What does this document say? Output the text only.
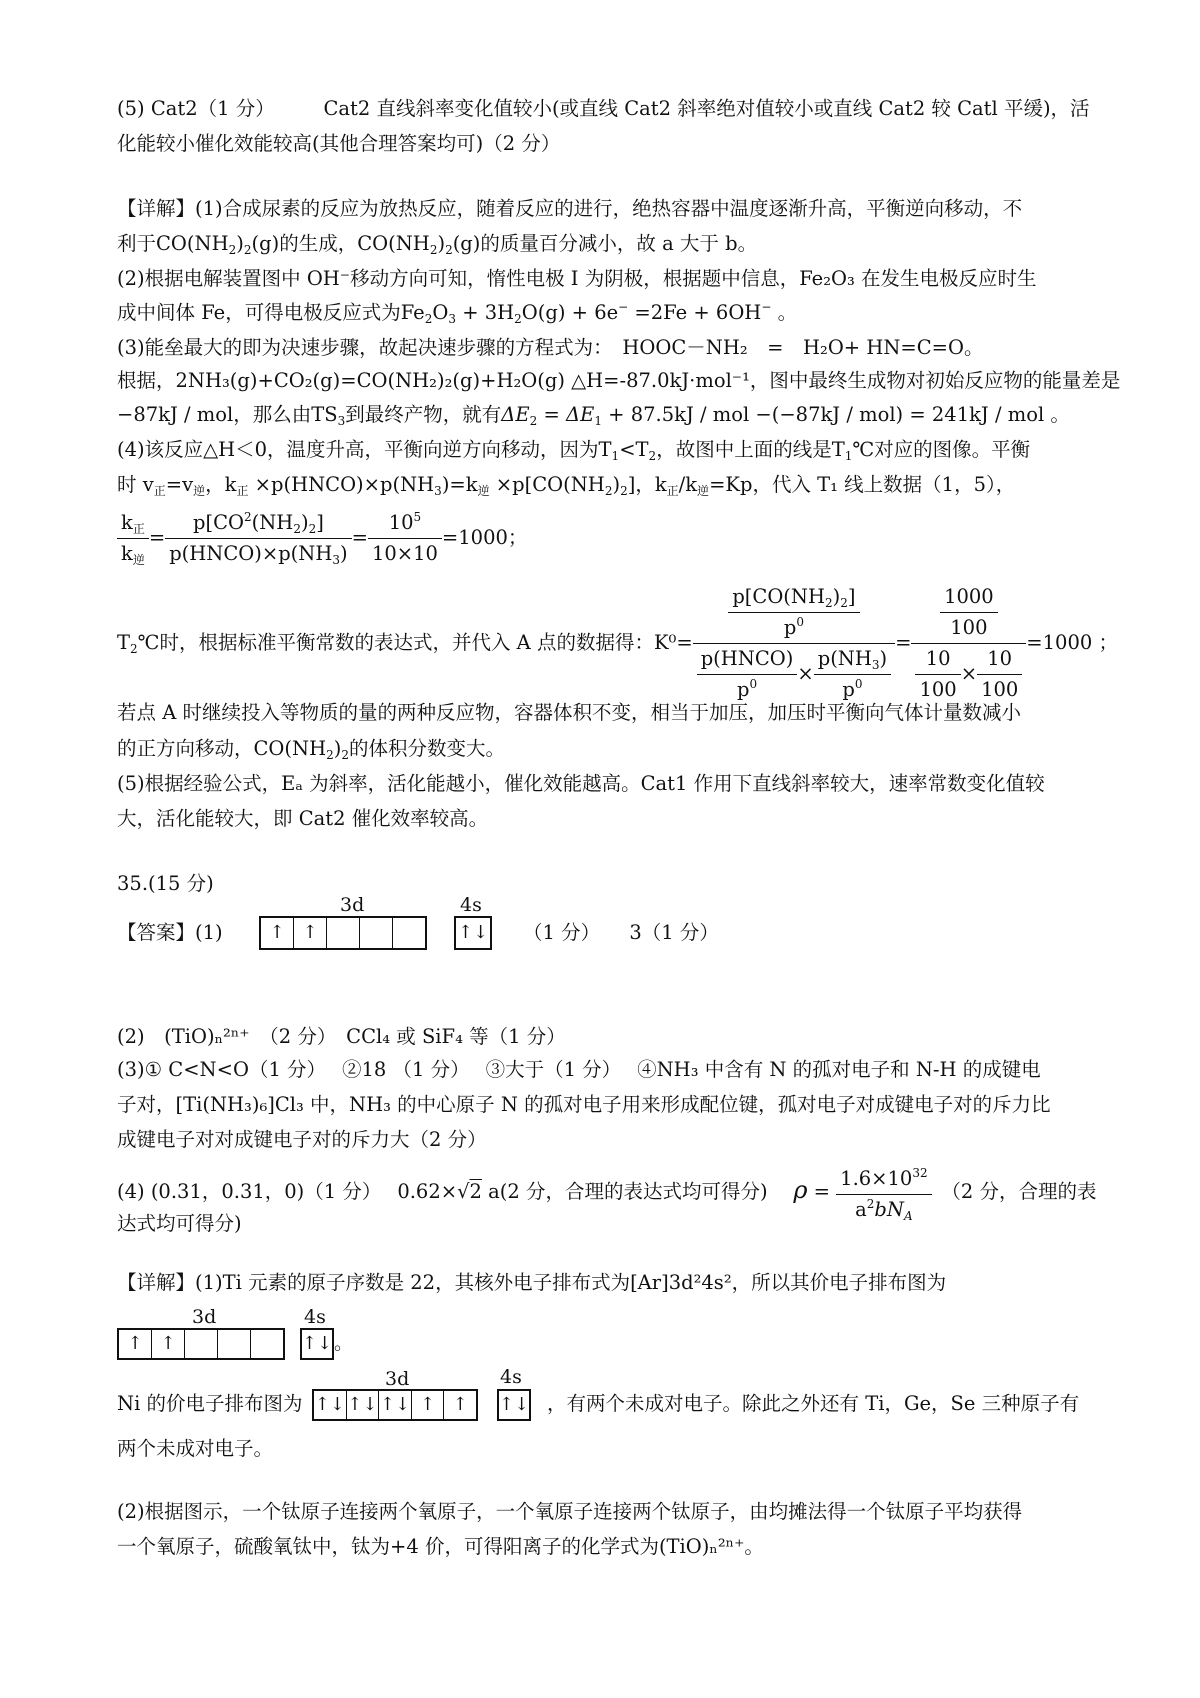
(5) Cat2（1 分）　　　Cat2 直线斜率变化值较小(或直线 Cat2 斜率绝对值较小或直线 Cat2 较 Catl 平缓)，活
化能较小催化效能较高(其他合理答案均可)（2 分）
【详解】(1)合成尿素的反应为放热反应，随着反应的进行，绝热容器中温度逐渐升高，平衡逆向移动，不
利于$CO(NH_2)_2(g)$的生成，$CO(NH_2)_2(g)$的质量百分减小，故 a 大于 b。
(2)根据电解装置图中 OH⁻移动方向可知，惰性电极 I 为阴极，根据题中信息，Fe₂O₃ 在发生电极反应时生
成中间体 Fe，可得电极反应式为$Fe_2O_3 + 3H_2O(g) + 6e^- =2Fe + 6OH^-$ 。
(3)能垒最大的即为决速步骤，故起决速步骤的方程式为：　HOOC－NH₂　=　H₂O+ HN=C=O。
根据，2NH₃(g)+CO₂(g)=CO(NH₂)₂(g)+H₂O(g) △H=-87.0kJ·mol⁻¹，图中最终生成物对初始反应物的能量差是
−87kJ / mol，那么由$TS_3$到最终产物，就有$\Delta E_2 = \Delta E_1 + 87.5kJ$ / mol −(−87kJ / mol) = 241kJ / mol 。
(4)该反应△H＜0，温度升高，平衡向逆方向移动，因为$T_1<T_2$，故图中上面的线是$T_1℃$对应的图像。平衡
时 $v_正=v_逆$，$k_正$ $\times p(HNCO)\times p(NH_3)=k_逆 \times p[CO(NH_2)_2]$，$k_正/k_逆=Kp$，代入 T₁ 线上数据（1，5），
$\frac{k_正}{k_逆} = \frac{p[CO^2(NH_2)_2]}{p(HNCO)\times p(NH_3)} = \frac{10^5}{10\times 10} =1000$；
$T_2℃$时，根据标准平衡常数的表达式，并代入 A 点的数据得：$K^0= \frac{\frac{p[CO(NH_2)_2]}{p^0}}{\frac{\text{p(HNCO)}}{p^0} \times \frac{p(NH_3)}{p^0}} = \frac{\frac{1000}{100}}{\frac{10}{100} \times \frac{10}{100}} =1000$ ；
若点 A 时继续投入等物质的量的两种反应物，容器体积不变，相当于加压，加压时平衡向气体计量数减小
的正方向移动，$CO(NH_2)_2$的体积分数变大。
(5)根据经验公式，Eₐ 为斜率，活化能越小，催化效能越高。Cat1 作用下直线斜率较大，速率常数变化值较
大，活化能较大，即 Cat2 催化效率较高。
35.(15 分)
【答案】(1)
3d
↑ ↑
4s
↑↓ （1 分）　　3（1 分）
(2)　(TiO)ₙ²ⁿ⁺　（2 分）　CCl₄ 或 SiF₄ 等（1 分）
(3)① C<N<O（1 分）　 ②18 （1 分）　 ③大于（1 分）　 ④NH₃ 中含有 N 的孤对电子和 N-H 的成键电
子对，[Ti(NH₃)₆]Cl₃ 中，NH₃ 的中心原子 N 的孤对电子用来形成配位键，孤对电子对成键电子对的斥力比
成键电子对对成键电子对的斥力大（2 分）
(4) (0.31，0.31，0)（1 分）　 0.62×√2 a(2 分，合理的表达式均可得分)　 $\rho = \frac{1.6\times 10^{32}}{a^2bN_A}$
　 （2 分，合理的表
达式均可得分)
【详解】(1)Ti 元素的原子序数是 22，其核外电子排布式为[Ar]3d²4s²，所以其价电子排布图为
3d
↑ ↑
4s
↑↓ 。
Ni 的价电子排布图为
3d
↑↓ ↑↓ ↑↓ ↑ ↑
4s
↑↓ ，有两个未成对电子。除此之外还有 Ti，Ge，Se 三种原子有
两个未成对电子。
(2)根据图示，一个钛原子连接两个氧原子，一个氧原子连接两个钛原子，由均摊法得一个钛原子平均获得
一个氧原子，硫酸氧钛中，钛为+4 价，可得阳离子的化学式为(TiO)ₙ²ⁿ⁺。
